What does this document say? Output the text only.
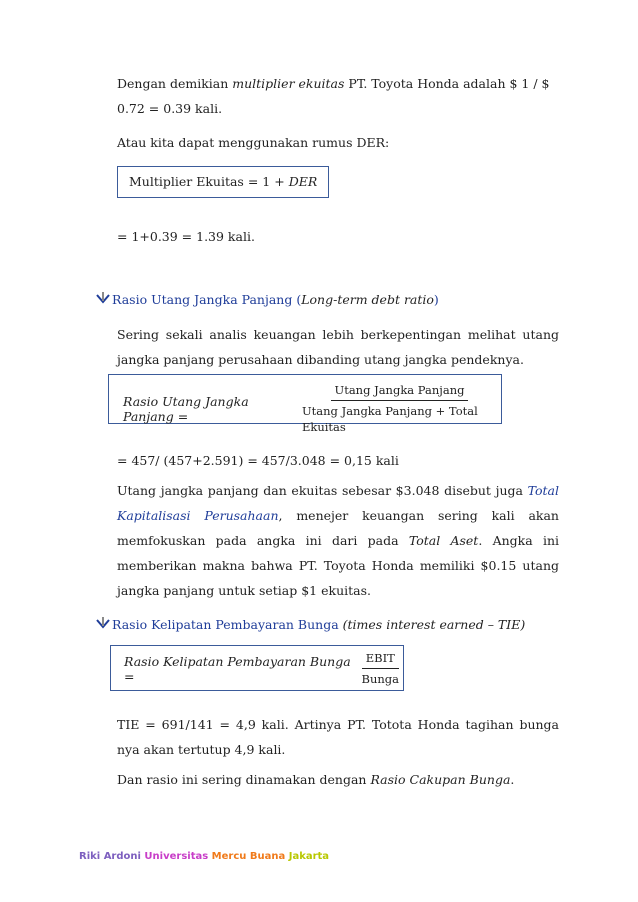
Dengan demikian multiplier ekuitas PT. Toyota Honda adalah $ 1 / $ 0.72 = 0.39 kali.

Atau kita dapat menggunakan rumus DER:

Multiplier Ekuitas = 1 + DER

= 1+0.39 = 1.39 kali.

Rasio Utang Jangka Panjang (Long-term debt ratio)

Sering sekali analis keuangan lebih berkepentingan melihat utang jangka panjang perusahaan dibanding utang jangka pendeknya.

Rasio Utang Jangka Panjang =	$\frac{\text{Utang Jangka Panjang}}{\text{Utang Jangka Panjang + Total Ekuitas}}$

= 457/ (457+2.591) = 457/3.048 = 0,15 kali

Utang jangka panjang dan ekuitas sebesar $3.048 disebut juga Total Kapitalisasi Perusahaan, menejer keuangan sering kali akan memfokuskan pada angka ini dari pada Total Aset. Angka ini memberikan makna bahwa PT. Toyota Honda memiliki $0.15 utang jangka panjang untuk setiap $1 ekuitas.

Rasio Kelipatan Pembayaran Bunga (times interest earned – TIE)
Rasio Kelipatan Pembayaran Bunga =	$\frac{\text{EBIT}}{\text{Bunga}}$

TIE = 691/141 = 4,9 kali. Artinya PT. Totota Honda tagihan bunga nya akan tertutup 4,9 kali.

Dan rasio ini sering dinamakan dengan Rasio Cakupan Bunga.

Riki Ardoni Universitas Mercu Buana Jakarta
